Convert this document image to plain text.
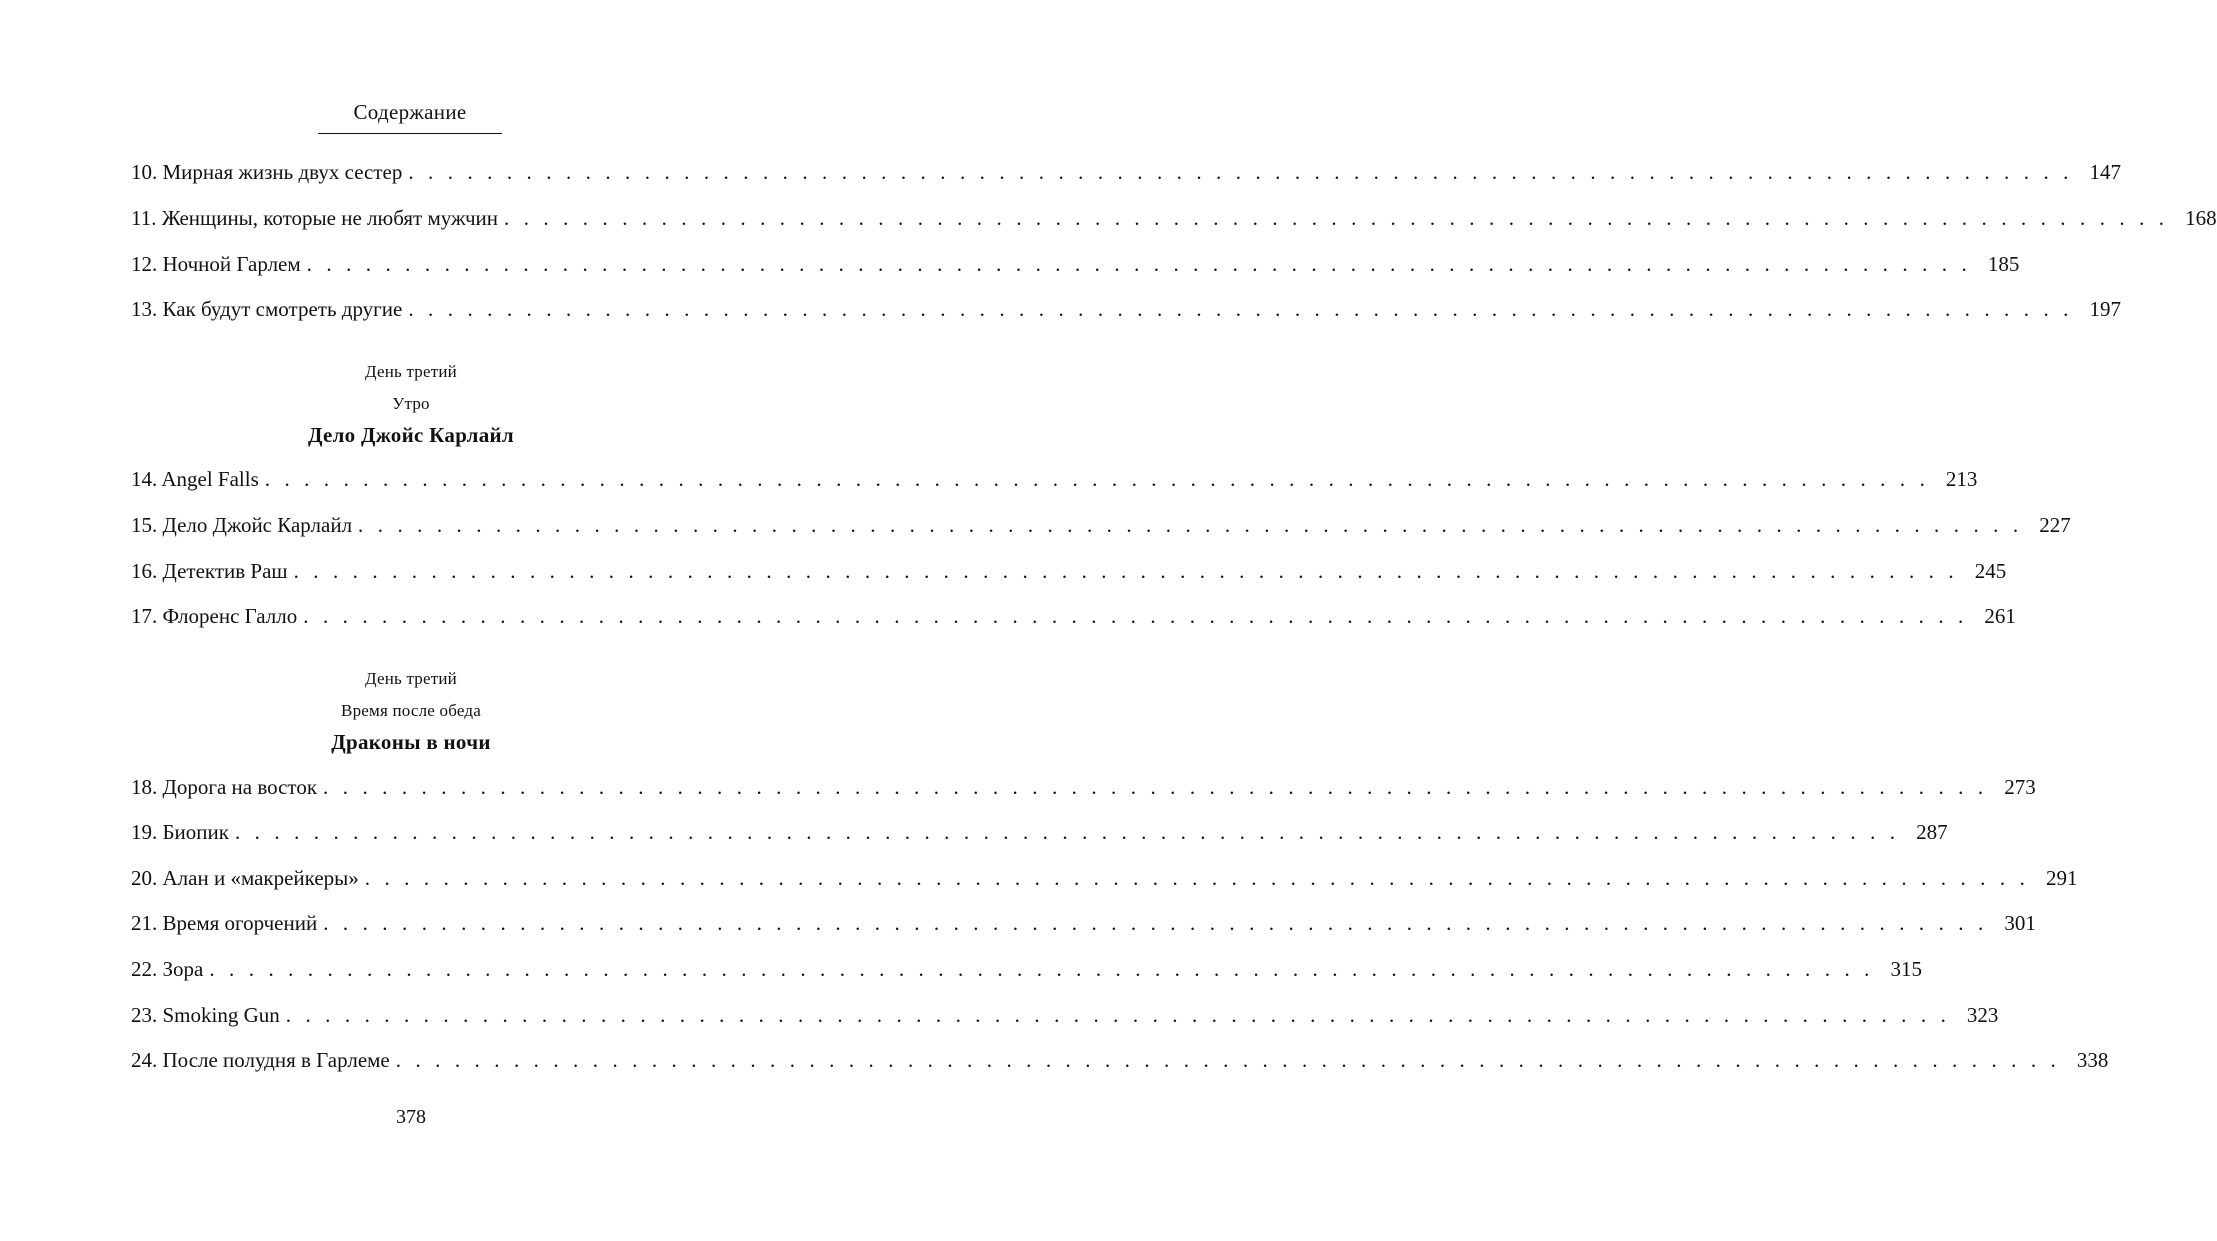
Содержание
10. Мирная жизнь двух сестер . . . . . . . . . . . . . . . . . . . . . . . . . . . . . . . . . . . . . . . . . . . . . . . . . . . . . . . . . . . . . . . . . . . . . . . . . . . . . . . . . . . . . 147
11. Женщины, которые не любят мужчин . . . . . . . . . . . . . . . . . . . . . . . . . . . . . . . . . . . . . . . . . . . . . . . . . . . . . . . . . . . . . . . . . . . . . . . . . . . . . . . . . . . . . 168
12. Ночной Гарлем . . . . . . . . . . . . . . . . . . . . . . . . . . . . . . . . . . . . . . . . . . . . . . . . . . . . . . . . . . . . . . . . . . . . . . . . . . . . . . . . . . . . . 185
13. Как будут смотреть другие . . . . . . . . . . . . . . . . . . . . . . . . . . . . . . . . . . . . . . . . . . . . . . . . . . . . . . . . . . . . . . . . . . . . . . . . . . . . . . . . . . . . . 197
День третий
Утро
Дело Джойс Карлайл
14. Angel Falls . . . . . . . . . . . . . . . . . . . . . . . . . . . . . . . . . . . . . . . . . . . . . . . . . . . . . . . . . . . . . . . . . . . . . . . . . . . . . . . . . . . . . 213
15. Дело Джойс Карлайл . . . . . . . . . . . . . . . . . . . . . . . . . . . . . . . . . . . . . . . . . . . . . . . . . . . . . . . . . . . . . . . . . . . . . . . . . . . . . . . . . . . . . 227
16. Детектив Раш . . . . . . . . . . . . . . . . . . . . . . . . . . . . . . . . . . . . . . . . . . . . . . . . . . . . . . . . . . . . . . . . . . . . . . . . . . . . . . . . . . . . . 245
17. Флоренс Галло . . . . . . . . . . . . . . . . . . . . . . . . . . . . . . . . . . . . . . . . . . . . . . . . . . . . . . . . . . . . . . . . . . . . . . . . . . . . . . . . . . . . . 261
День третий
Время после обеда
Драконы в ночи
18. Дорога на восток . . . . . . . . . . . . . . . . . . . . . . . . . . . . . . . . . . . . . . . . . . . . . . . . . . . . . . . . . . . . . . . . . . . . . . . . . . . . . . . . . . . . . 273
19. Биопик . . . . . . . . . . . . . . . . . . . . . . . . . . . . . . . . . . . . . . . . . . . . . . . . . . . . . . . . . . . . . . . . . . . . . . . . . . . . . . . . . . . . . 287
20. Алан и «макрейкеры» . . . . . . . . . . . . . . . . . . . . . . . . . . . . . . . . . . . . . . . . . . . . . . . . . . . . . . . . . . . . . . . . . . . . . . . . . . . . . . . . . . . . . 291
21. Время огорчений . . . . . . . . . . . . . . . . . . . . . . . . . . . . . . . . . . . . . . . . . . . . . . . . . . . . . . . . . . . . . . . . . . . . . . . . . . . . . . . . . . . . . 301
22. Зора . . . . . . . . . . . . . . . . . . . . . . . . . . . . . . . . . . . . . . . . . . . . . . . . . . . . . . . . . . . . . . . . . . . . . . . . . . . . . . . . . . . . . 315
23. Smoking Gun . . . . . . . . . . . . . . . . . . . . . . . . . . . . . . . . . . . . . . . . . . . . . . . . . . . . . . . . . . . . . . . . . . . . . . . . . . . . . . . . . . . . . 323
24. После полудня в Гарлеме . . . . . . . . . . . . . . . . . . . . . . . . . . . . . . . . . . . . . . . . . . . . . . . . . . . . . . . . . . . . . . . . . . . . . . . . . . . . . . . . . . . . . 338
378
